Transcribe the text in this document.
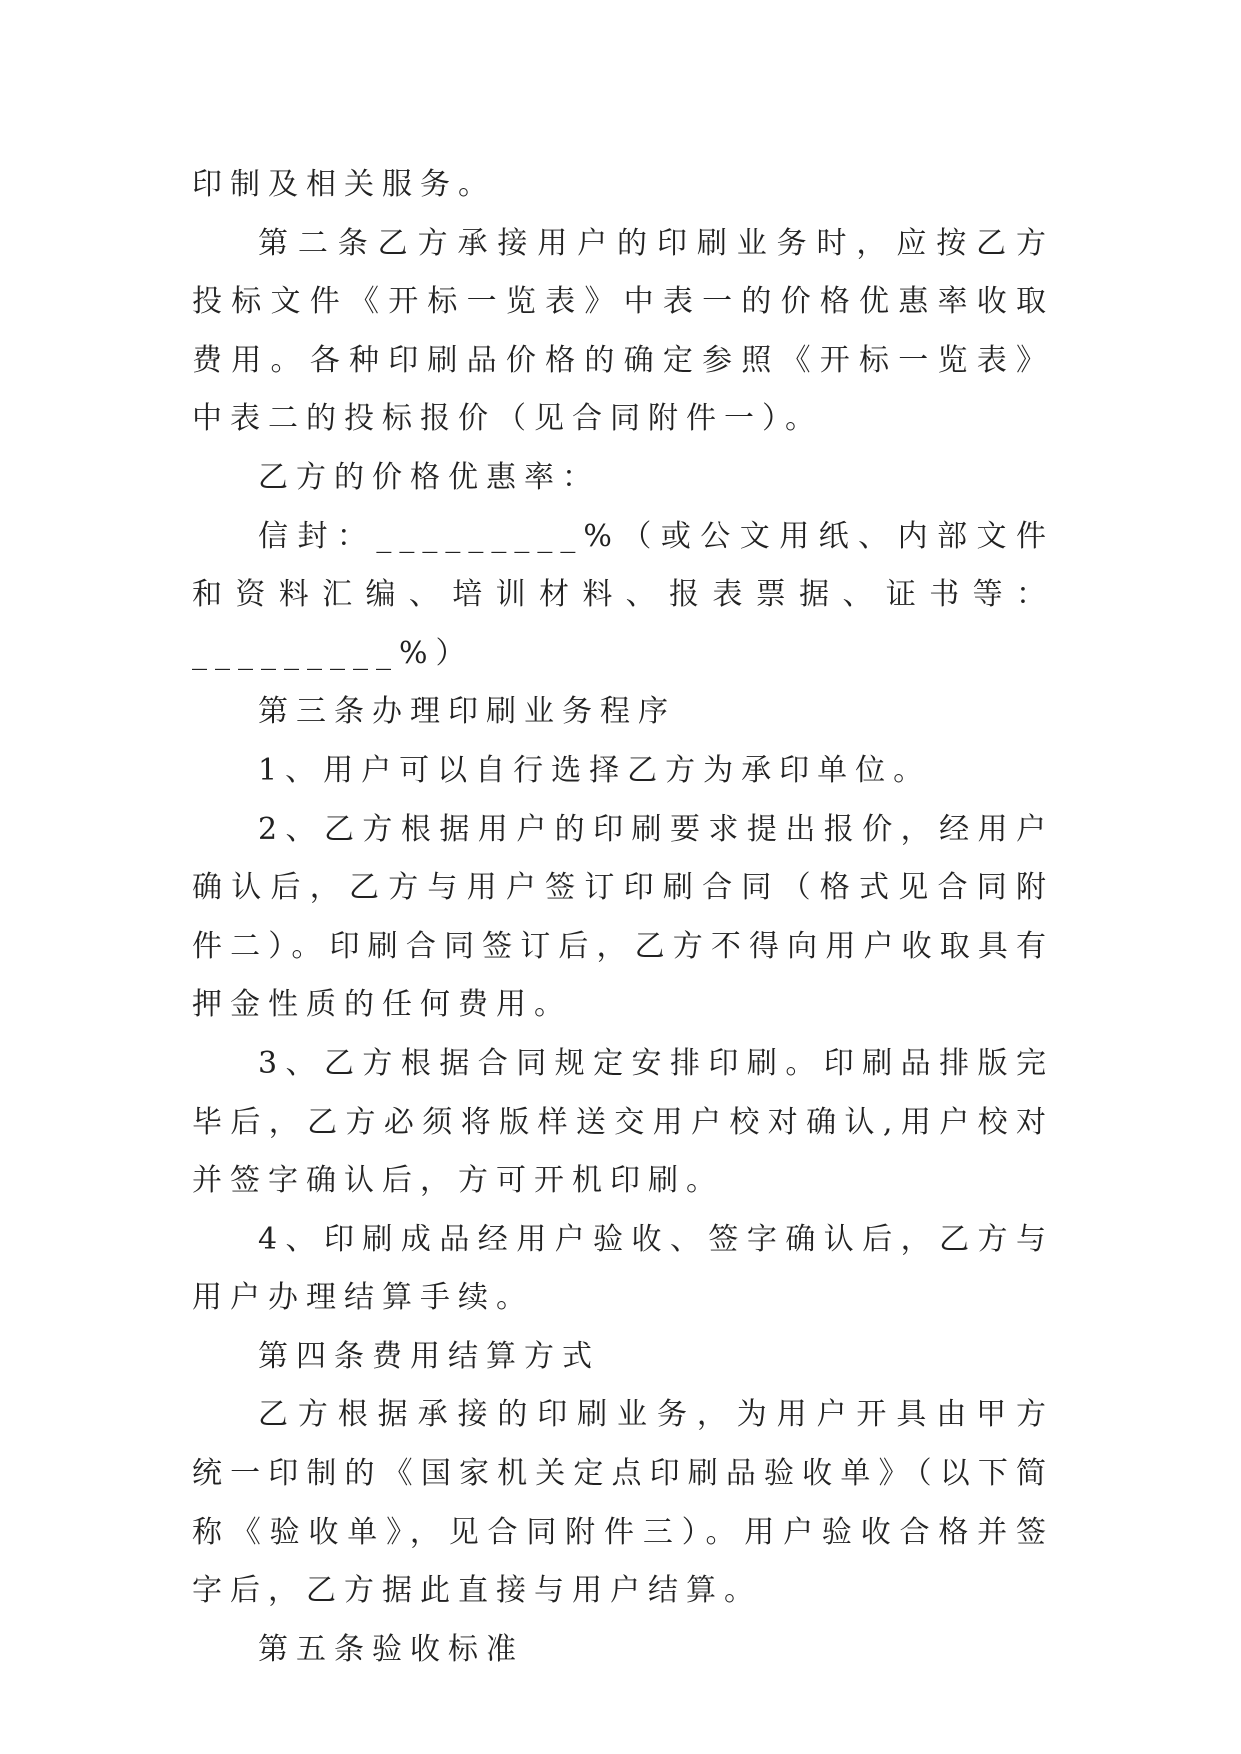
印制及相关服务。

第二条乙方承接用户的印刷业务时，应按乙方投标文件《开标一览表》中表一的价格优惠率收取费用。各种印刷品价格的确定参照《开标一览表》中表二的投标报价（见合同附件一）。

乙方的价格优惠率：

信封：_________%（或公文用纸、内部文件和资料汇编、培训材料、报表票据、证书等：_________%）

第三条办理印刷业务程序

1、用户可以自行选择乙方为承印单位。

2、乙方根据用户的印刷要求提出报价，经用户确认后，乙方与用户签订印刷合同（格式见合同附件二）。印刷合同签订后，乙方不得向用户收取具有押金性质的任何费用。

3、乙方根据合同规定安排印刷。印刷品排版完毕后，乙方必须将版样送交用户校对确认,用户校对并签字确认后，方可开机印刷。

4、印刷成品经用户验收、签字确认后，乙方与用户办理结算手续。

第四条费用结算方式

乙方根据承接的印刷业务，为用户开具由甲方统一印制的《国家机关定点印刷品验收单》（以下简称《验收单》，见合同附件三）。用户验收合格并签字后，乙方据此直接与用户结算。

第五条验收标准
